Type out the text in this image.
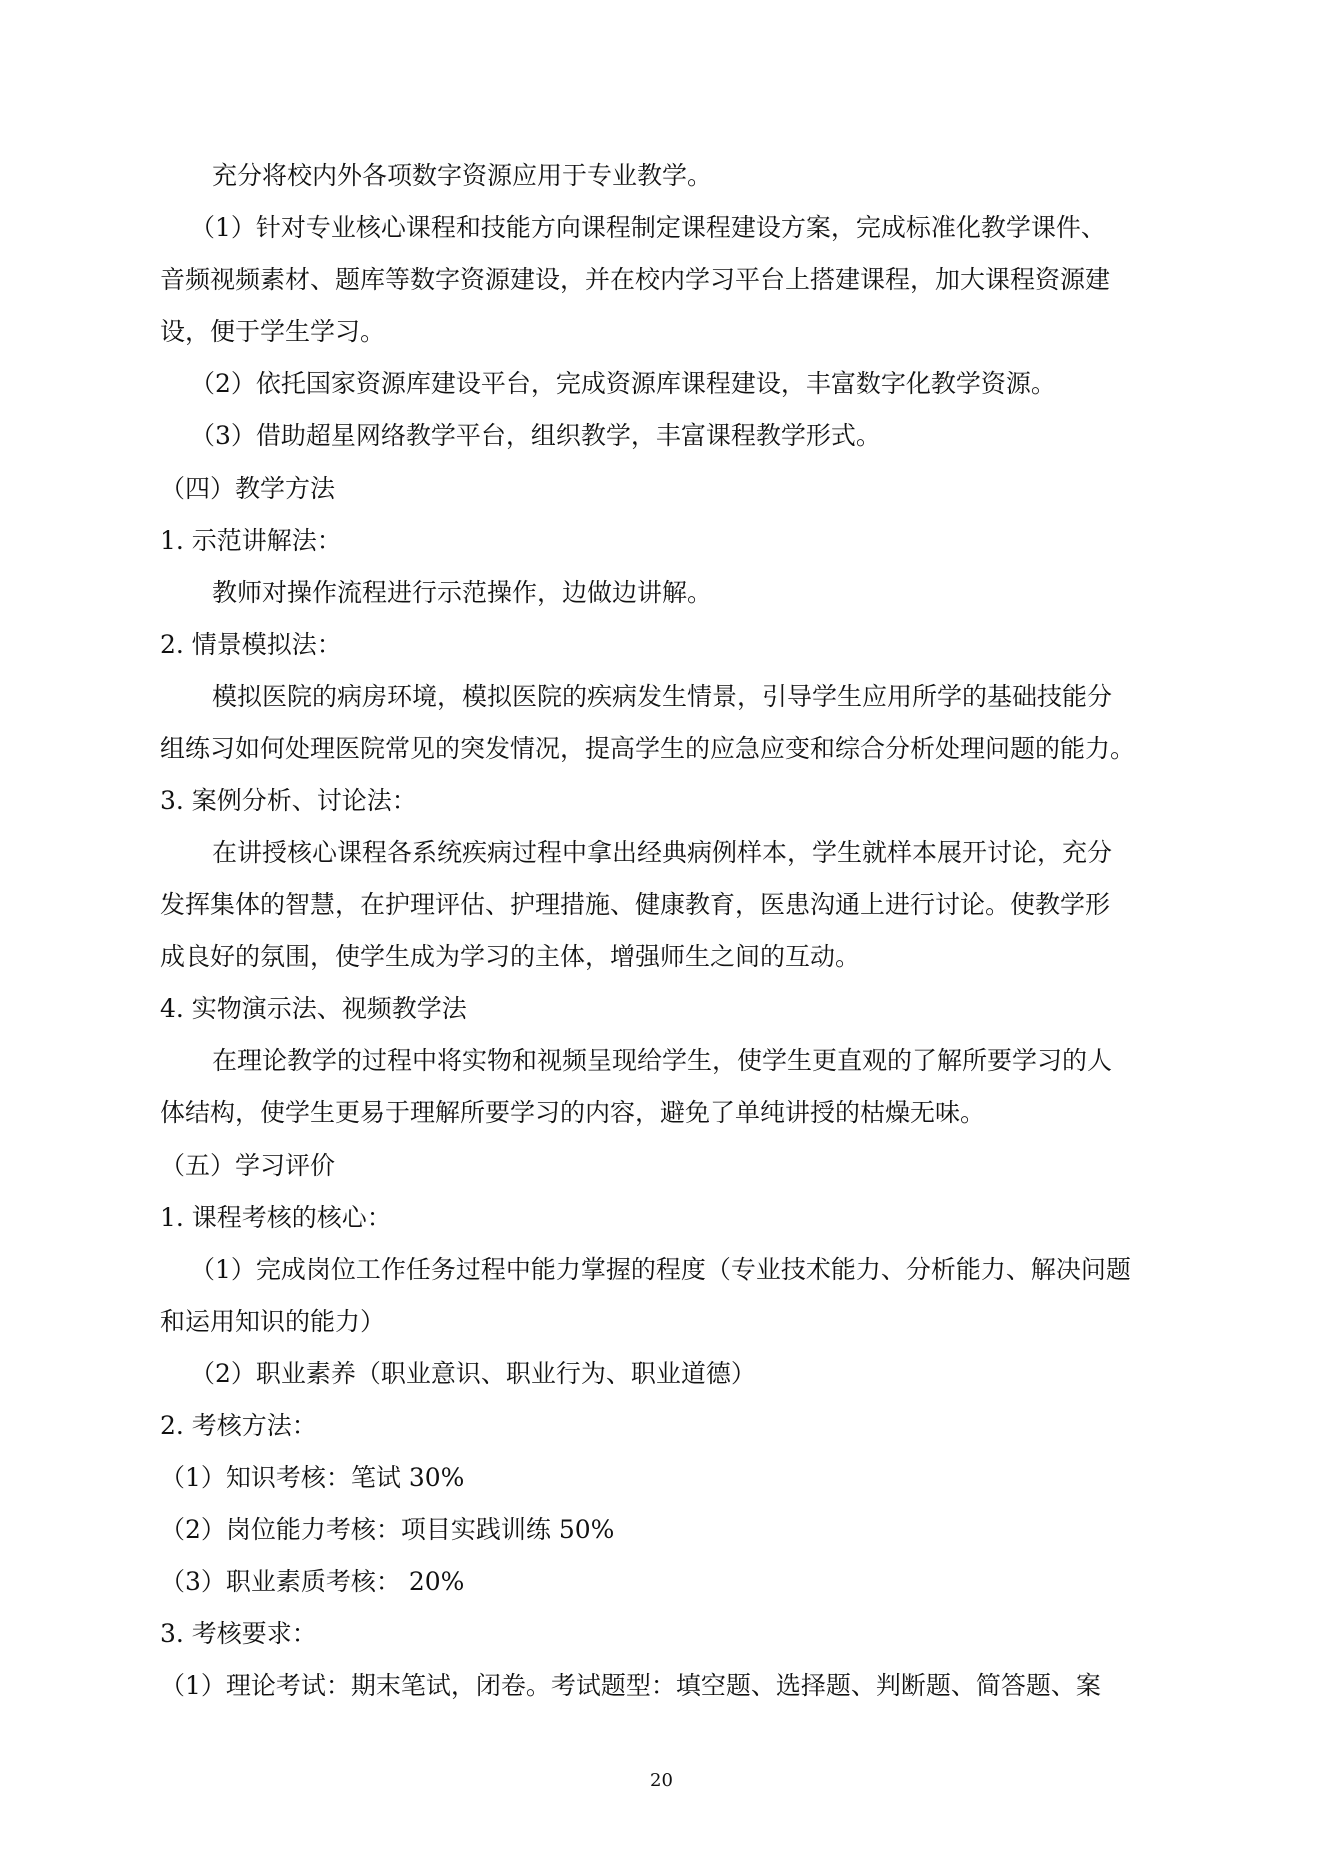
充分将校内外各项数字资源应用于专业教学。
（1）针对专业核心课程和技能方向课程制定课程建设方案，完成标准化教学课件、
音频视频素材、题库等数字资源建设，并在校内学习平台上搭建课程，加大课程资源建
设，便于学生学习。
（2）依托国家资源库建设平台，完成资源库课程建设，丰富数字化教学资源。
（3）借助超星网络教学平台，组织教学，丰富课程教学形式。
（四）教学方法
1. 示范讲解法：
教师对操作流程进行示范操作，边做边讲解。
2. 情景模拟法：
模拟医院的病房环境，模拟医院的疾病发生情景，引导学生应用所学的基础技能分
组练习如何处理医院常见的突发情况，提高学生的应急应变和综合分析处理问题的能力。
3. 案例分析、讨论法：
在讲授核心课程各系统疾病过程中拿出经典病例样本，学生就样本展开讨论，充分
发挥集体的智慧，在护理评估、护理措施、健康教育，医患沟通上进行讨论。使教学形
成良好的氛围，使学生成为学习的主体，增强师生之间的互动。
4. 实物演示法、视频教学法
在理论教学的过程中将实物和视频呈现给学生，使学生更直观的了解所要学习的人
体结构，使学生更易于理解所要学习的内容，避免了单纯讲授的枯燥无味。
（五）学习评价
1. 课程考核的核心：
（1）完成岗位工作任务过程中能力掌握的程度（专业技术能力、分析能力、解决问题
和运用知识的能力）
（2）职业素养（职业意识、职业行为、职业道德）
2. 考核方法：
（1）知识考核：笔试 30%
（2）岗位能力考核：项目实践训练 50%
（3）职业素质考核： 20%
3. 考核要求：
（1）理论考试：期末笔试，闭卷。考试题型：填空题、选择题、判断题、简答题、案
20
